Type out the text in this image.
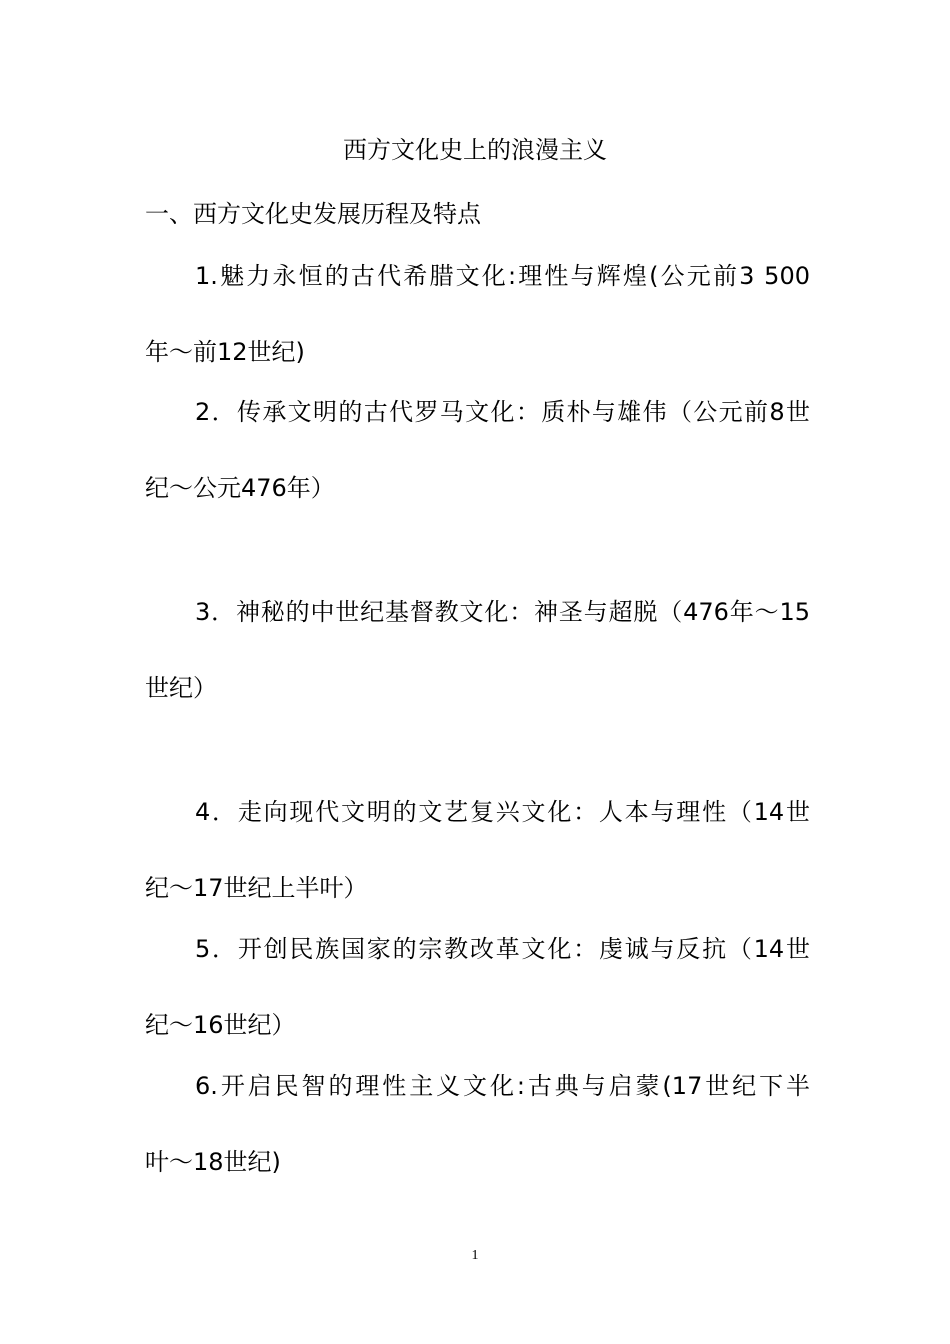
西方文化史上的浪漫主义
一、西方文化史发展历程及特点
1.魅力永恒的古代希腊文化:理性与辉煌(公元前3 500
年～前12世纪)
2．传承文明的古代罗马文化：质朴与雄伟（公元前8世
纪～公元476年）
3．神秘的中世纪基督教文化：神圣与超脱（476年～15
世纪）
4．走向现代文明的文艺复兴文化：人本与理性（14世
纪～17世纪上半叶）
5．开创民族国家的宗教改革文化：虔诚与反抗（14世
纪～16世纪）
6.开启民智的理性主义文化:古典与启蒙(17世纪下半
叶～18世纪)
1
